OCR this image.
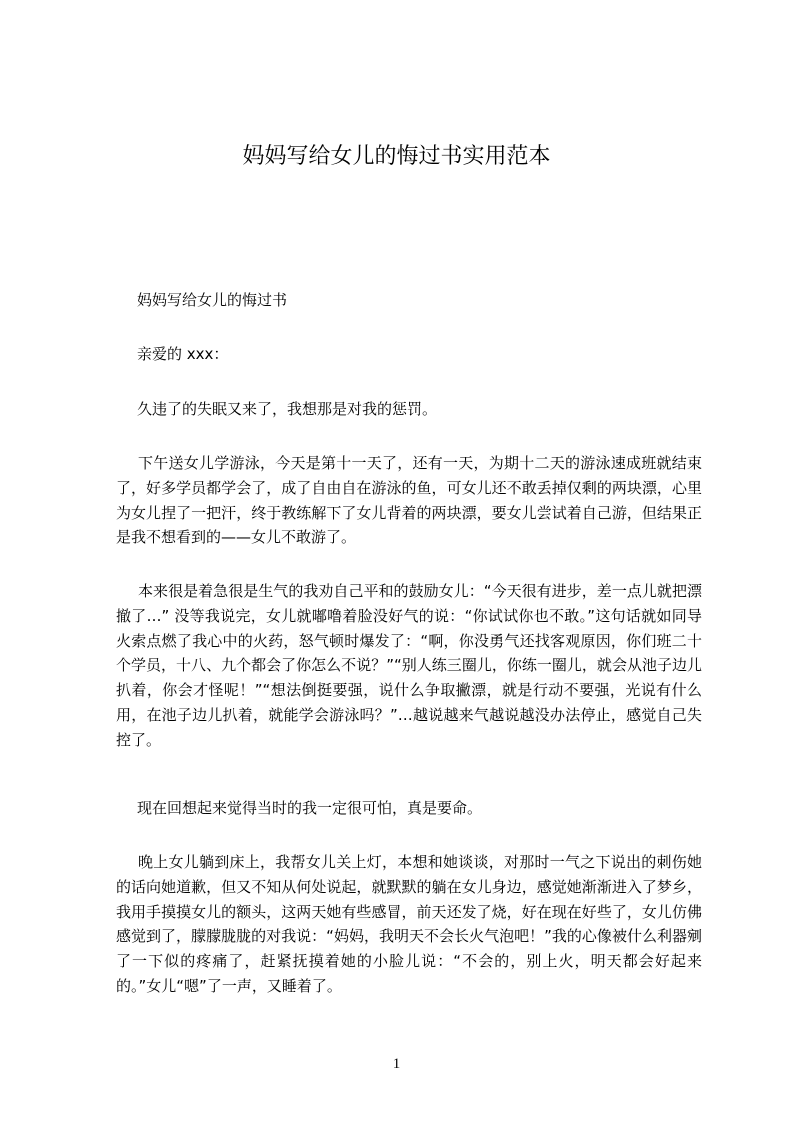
妈妈写给女儿的悔过书实用范本

妈妈写给女儿的悔过书

亲爱的 xxx：

久违了的失眠又来了，我想那是对我的惩罚。

下午送女儿学游泳，今天是第十一天了，还有一天，为期十二天的游泳速成班就结束了，好多学员都学会了，成了自由自在游泳的鱼，可女儿还不敢丢掉仅剩的两块漂，心里为女儿捏了一把汗，终于教练解下了女儿背着的两块漂，要女儿尝试着自己游，但结果正是我不想看到的——女儿不敢游了。

本来很是着急很是生气的我劝自己平和的鼓励女儿：“今天很有进步，差一点儿就把漂撤了…” 没等我说完，女儿就嘟噜着脸没好气的说：“你试试你也不敢。”这句话就如同导火索点燃了我心中的火药，怒气顿时爆发了：“啊，你没勇气还找客观原因，你们班二十个学员，十八、九个都会了你怎么不说？”“别人练三圈儿，你练一圈儿，就会从池子边儿扒着，你会才怪呢！”“想法倒挺要强，说什么争取撇漂，就是行动不要强，光说有什么用，在池子边儿扒着，就能学会游泳吗？”…越说越来气越说越没办法停止，感觉自己失控了。

现在回想起来觉得当时的我一定很可怕，真是要命。

晚上女儿躺到床上，我帮女儿关上灯，本想和她谈谈，对那时一气之下说出的刺伤她的话向她道歉，但又不知从何处说起，就默默的躺在女儿身边，感觉她渐渐进入了梦乡，我用手摸摸女儿的额头，这两天她有些感冒，前天还发了烧，好在现在好些了，女儿仿佛感觉到了，朦朦胧胧的对我说：“妈妈，我明天不会长火气泡吧！”我的心像被什么利器剜了一下似的疼痛了，赶紧抚摸着她的小脸儿说：“不会的，别上火，明天都会好起来的。”女儿“嗯”了一声，又睡着了。

1
